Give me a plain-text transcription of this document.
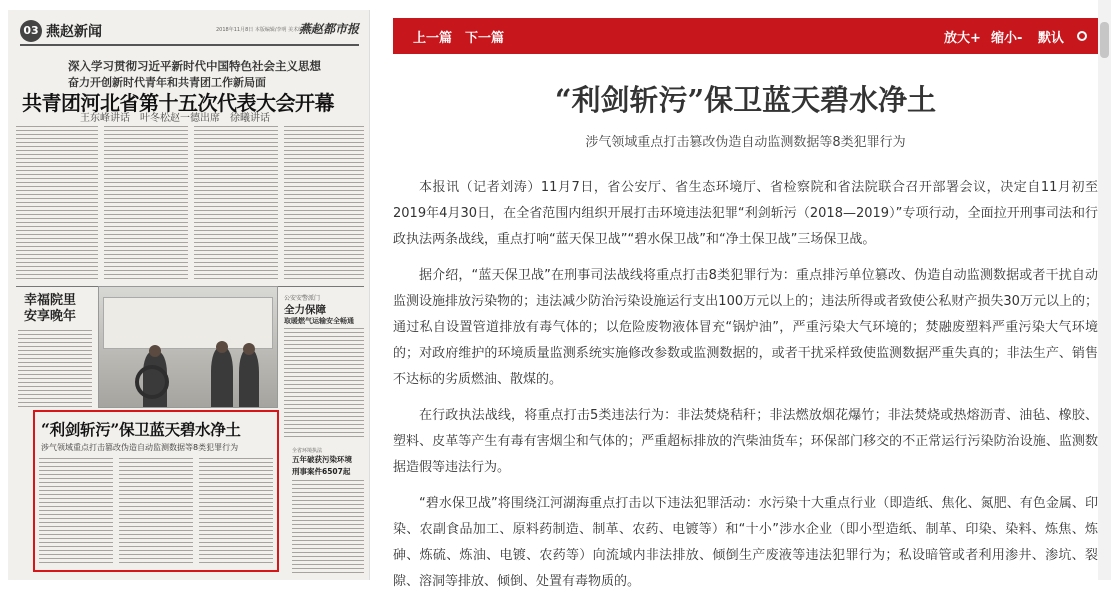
03 燕赵新闻	2018年11月8日 本版编辑/李明 美术编辑/王强
燕赵都市报
深入学习贯彻习近平新时代中国特色社会主义思想
奋力开创新时代青年和共青团工作新局面
共青团河北省第十五次代表大会开幕
王东峰讲话　叶冬松赵一德出席　徐曦讲话
幸福院里
安享晚年
公安安警派门
全力保障
取暖燃气运输安全畅通
“利剑斩污”保卫蓝天碧水净土
涉气领域重点打击篡改伪造自动监测数据等8类犯罪行为	全省环境执法
五年破获污染环境
刑事案件6507起
上一篇 下一篇	放大+ 缩小- 默认
“利剑斩污”保卫蓝天碧水净土
涉气领域重点打击篡改伪造自动监测数据等8类犯罪行为

本报讯（记者刘涛）11月7日，省公安厅、省生态环境厅、省检察院和省法院联合召开部署会议，决定自11月初至2019年4月30日，在全省范围内组织开展打击环境违法犯罪“利剑斩污（2018—2019）”专项行动，全面拉开刑事司法和行政执法两条战线，重点打响“蓝天保卫战”“碧水保卫战”和“净土保卫战”三场保卫战。

据介绍，“蓝天保卫战”在刑事司法战线将重点打击8类犯罪行为：重点排污单位篡改、伪造自动监测数据或者干扰自动监测设施排放污染物的；违法减少防治污染设施运行支出100万元以上的；违法所得或者致使公私财产损失30万元以上的；通过私自设置管道排放有毒气体的；以危险废物液体冒充“锅炉油”，严重污染大气环境的；焚融废塑料严重污染大气环境的；对政府维护的环境质量监测系统实施修改参数或监测数据的，或者干扰采样致使监测数据严重失真的；非法生产、销售不达标的劣质燃油、散煤的。

在行政执法战线，将重点打击5类违法行为：非法焚烧秸秆；非法燃放烟花爆竹；非法焚烧或热熔沥青、油毡、橡胶、塑料、皮革等产生有毒有害烟尘和气体的；严重超标排放的汽柴油货车；环保部门移交的不正常运行污染防治设施、监测数据造假等违法行为。

“碧水保卫战”将围绕江河湖海重点打击以下违法犯罪活动：水污染十大重点行业（即造纸、焦化、氮肥、有色金属、印染、农副食品加工、原料药制造、制革、农药、电镀等）和“十小”涉水企业（即小型造纸、制革、印染、染料、炼焦、炼砷、炼硫、炼油、电镀、农药等）向流域内非法排放、倾倒生产废液等违法犯罪行为；私设暗管或者利用渗井、渗坑、裂隙、溶洞等排放、倾倒、处置有毒物质的。
